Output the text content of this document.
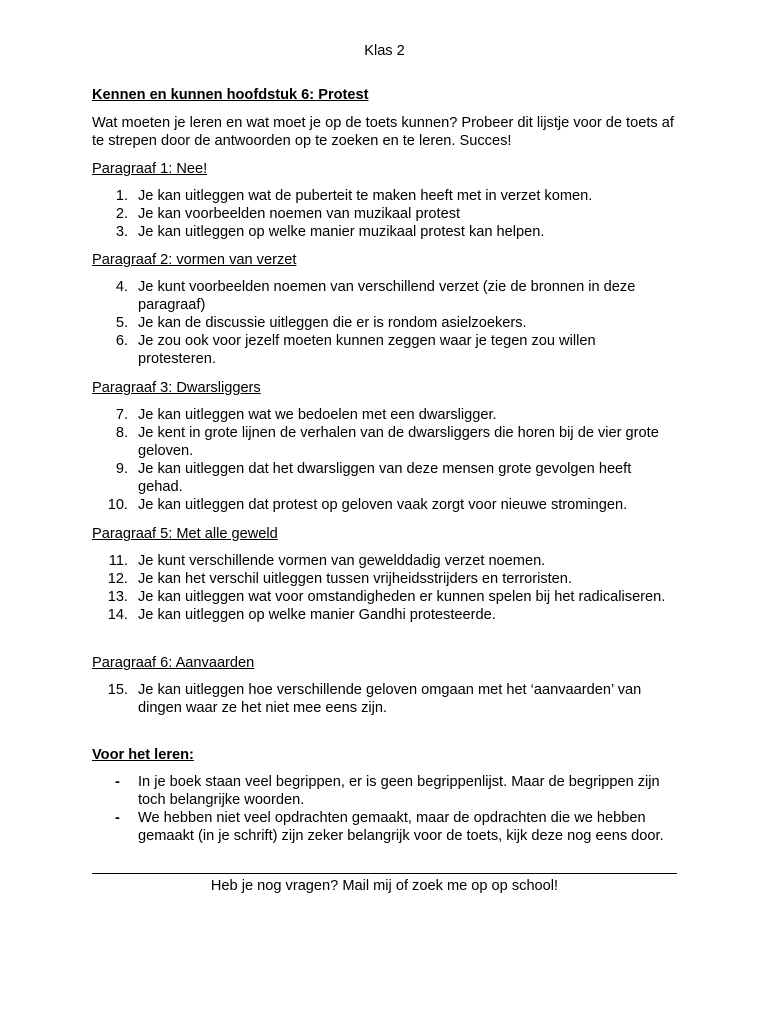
Klas 2
Kennen en kunnen hoofdstuk 6: Protest
Wat moeten je leren en wat moet je op de toets kunnen? Probeer dit lijstje voor de toets af te strepen door de antwoorden op te zoeken en te leren. Succes!
Paragraaf 1: Nee!
1. Je kan uitleggen wat de puberteit te maken heeft met in verzet komen.
2. Je kan voorbeelden noemen van muzikaal protest
3. Je kan uitleggen op welke manier muzikaal protest kan helpen.
Paragraaf 2: vormen van verzet
4. Je kunt voorbeelden noemen van verschillend verzet (zie de bronnen in deze paragraaf)
5. Je kan de discussie uitleggen die er is rondom asielzoekers.
6. Je zou ook voor jezelf moeten kunnen zeggen waar je tegen zou willen protesteren.
Paragraaf 3: Dwarsliggers
7. Je kan uitleggen wat we bedoelen met een dwarsligger.
8. Je kent in grote lijnen de verhalen van de dwarsliggers die horen bij de vier grote geloven.
9. Je kan uitleggen dat het dwarsliggen van deze mensen grote gevolgen heeft gehad.
10. Je kan uitleggen dat protest op geloven vaak zorgt voor nieuwe stromingen.
Paragraaf 5: Met alle geweld
11. Je kunt verschillende vormen van gewelddadig verzet noemen.
12. Je kan het verschil uitleggen tussen vrijheidsstrijders en terroristen.
13. Je kan uitleggen wat voor omstandigheden er kunnen spelen bij het radicaliseren.
14. Je kan uitleggen op welke manier Gandhi protesteerde.
Paragraaf 6: Aanvaarden
15. Je kan uitleggen hoe verschillende geloven omgaan met het ‘aanvaarden’ van dingen waar ze het niet mee eens zijn.
Voor het leren:
- In je boek staan veel begrippen, er is geen begrippenlijst. Maar de begrippen zijn toch belangrijke woorden.
- We hebben niet veel opdrachten gemaakt, maar de opdrachten die we hebben gemaakt (in je schrift) zijn zeker belangrijk voor de toets, kijk deze nog eens door.
Heb je nog vragen? Mail mij of zoek me op op school!
